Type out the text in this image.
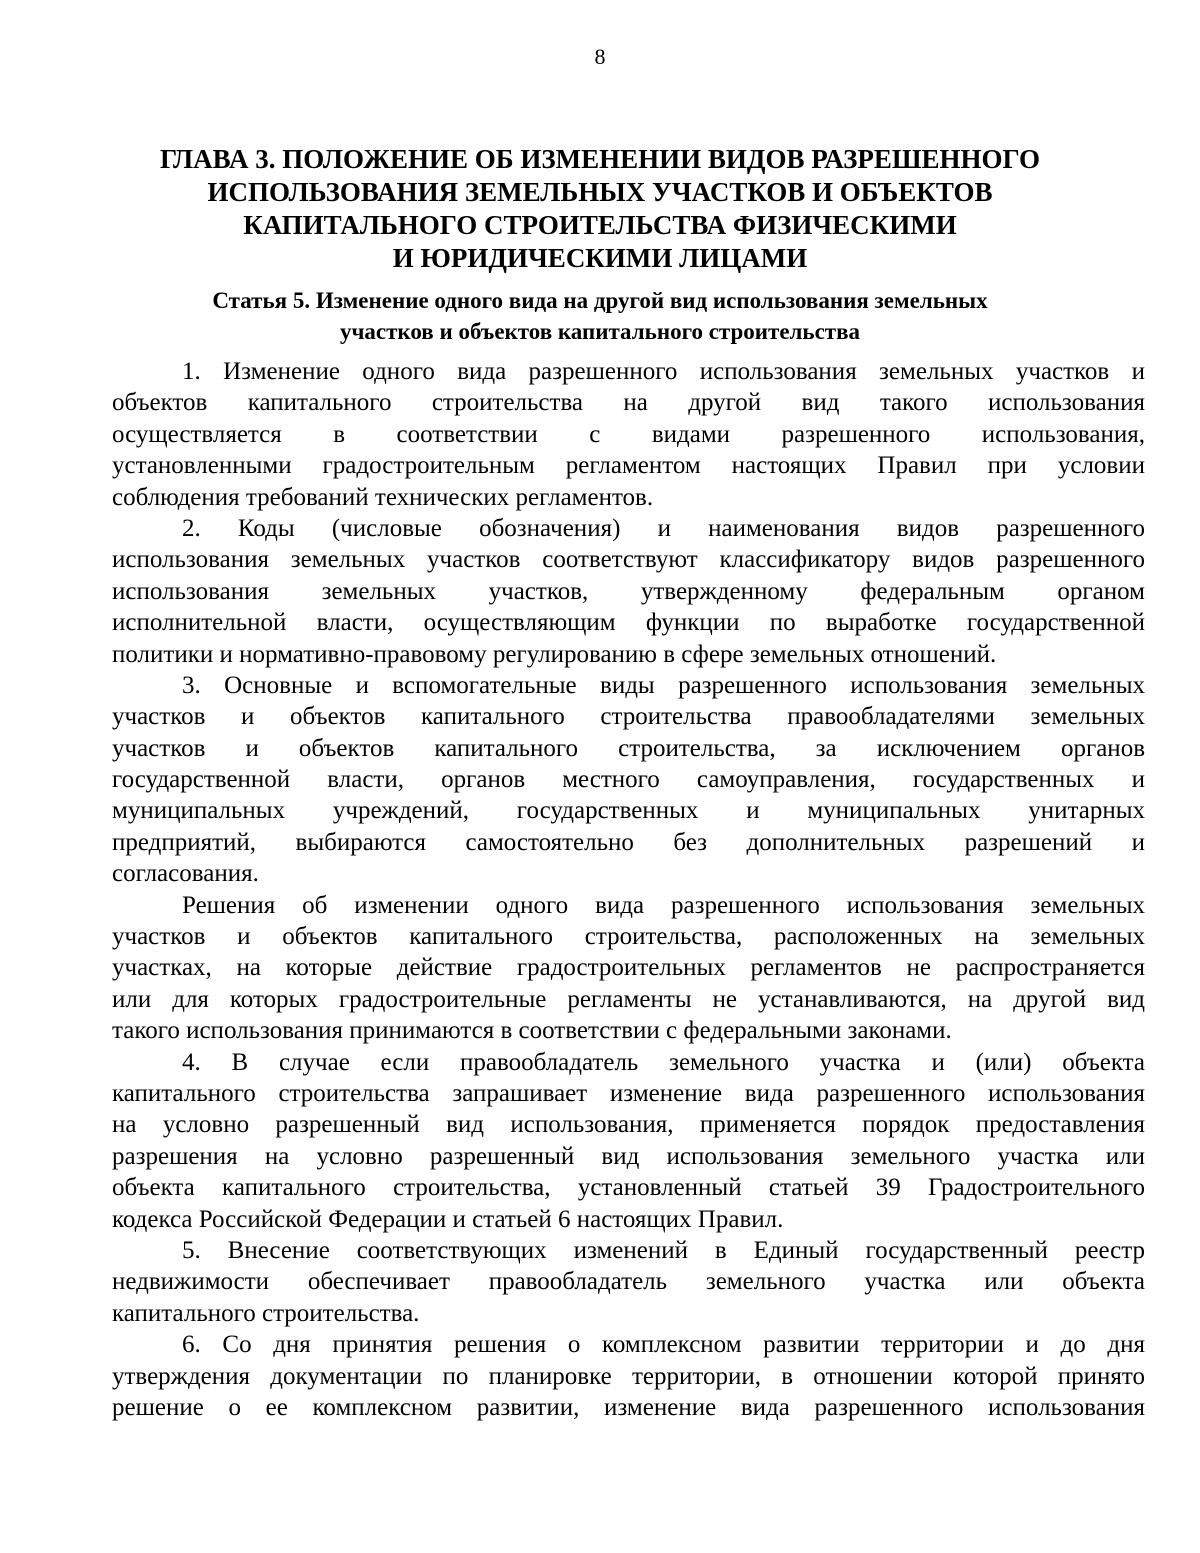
8
ГЛАВА 3. ПОЛОЖЕНИЕ ОБ ИЗМЕНЕНИИ ВИДОВ РАЗРЕШЕННОГО
ИСПОЛЬЗОВАНИЯ ЗЕМЕЛЬНЫХ УЧАСТКОВ И ОБЪЕКТОВ
КАПИТАЛЬНОГО СТРОИТЕЛЬСТВА ФИЗИЧЕСКИМИ
И ЮРИДИЧЕСКИМИ ЛИЦАМИ
Статья 5. Изменение одного вида на другой вид использования земельных
участков и объектов капитального строительства
1. Изменение одного вида разрешенного использования земельных участков и
объектов капитального строительства на другой вид такого использования
осуществляется в соответствии с видами разрешенного использования,
установленными градостроительным регламентом настоящих Правил при условии
соблюдения требований технических регламентов.
2. Коды (числовые обозначения) и наименования видов разрешенного
использования земельных участков соответствуют классификатору видов разрешенного
использования земельных участков, утвержденному федеральным органом
исполнительной власти, осуществляющим функции по выработке государственной
политики и нормативно-правовому регулированию в сфере земельных отношений.
3. Основные и вспомогательные виды разрешенного использования земельных
участков и объектов капитального строительства правообладателями земельных
участков и объектов капитального строительства, за исключением органов
государственной власти, органов местного самоуправления, государственных и
муниципальных учреждений, государственных и муниципальных унитарных
предприятий, выбираются самостоятельно без дополнительных разрешений и
согласования.
Решения об изменении одного вида разрешенного использования земельных
участков и объектов капитального строительства, расположенных на земельных
участках, на которые действие градостроительных регламентов не распространяется
или для которых градостроительные регламенты не устанавливаются, на другой вид
такого использования принимаются в соответствии с федеральными законами.
4. В случае если правообладатель земельного участка и (или) объекта
капитального строительства запрашивает изменение вида разрешенного использования
на условно разрешенный вид использования, применяется порядок предоставления
разрешения на условно разрешенный вид использования земельного участка или
объекта капитального строительства, установленный статьей 39 Градостроительного
кодекса Российской Федерации и статьей 6 настоящих Правил.
5. Внесение соответствующих изменений в Единый государственный реестр
недвижимости обеспечивает правообладатель земельного участка или объекта
капитального строительства.
6. Со дня принятия решения о комплексном развитии территории и до дня
утверждения документации по планировке территории, в отношении которой принято
решение о ее комплексном развитии, изменение вида разрешенного использования
